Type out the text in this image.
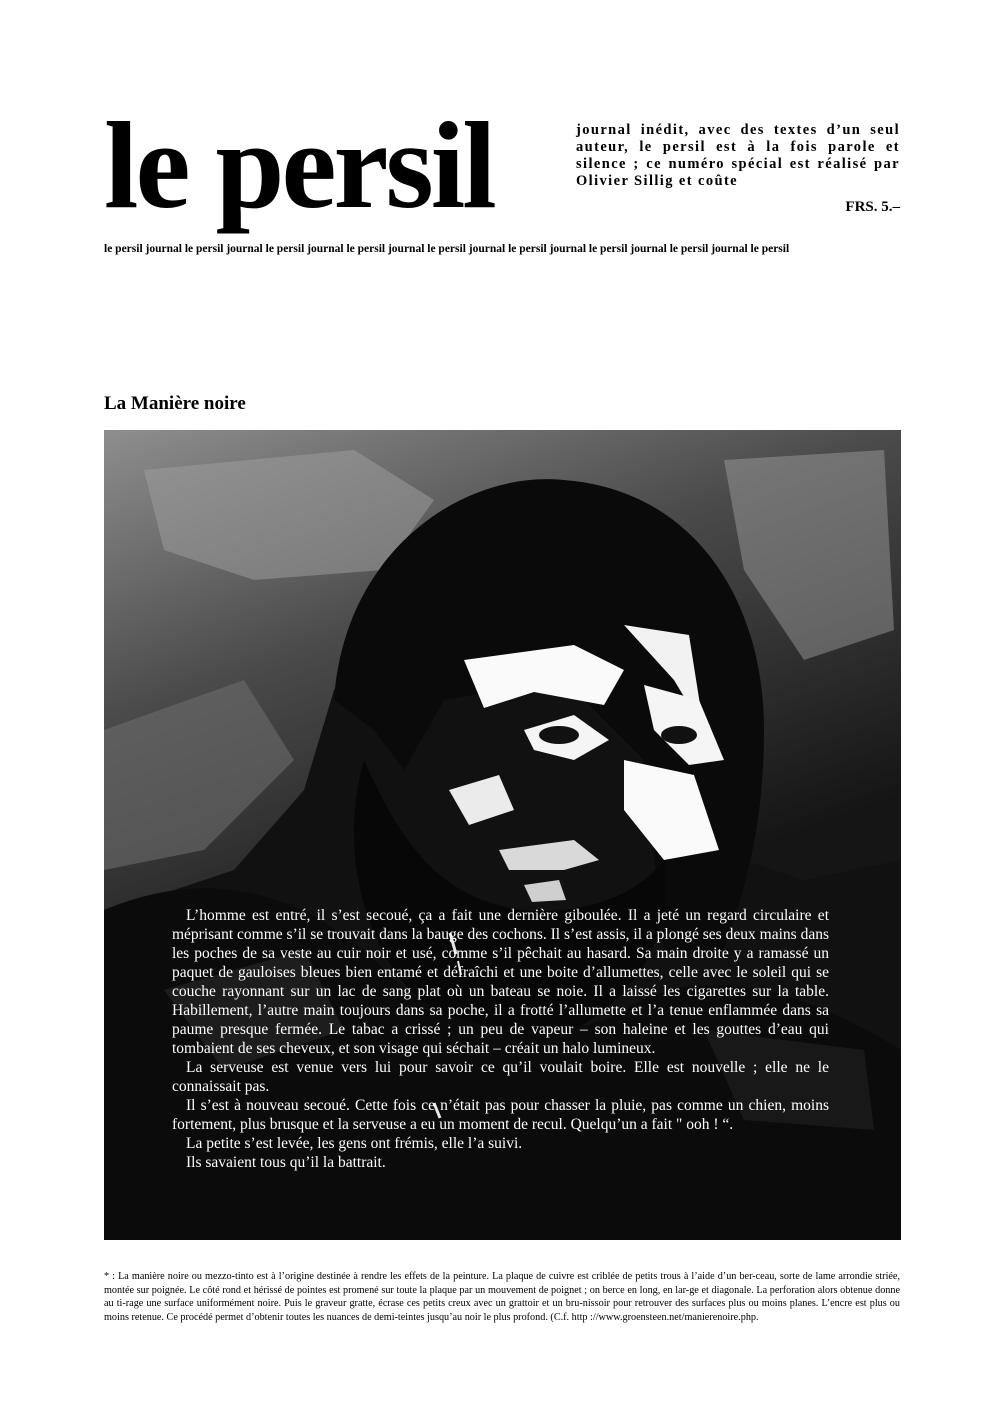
le persil	journal inédit, avec des textes d’un seul auteur, le persil est à la fois parole et silence ; ce numéro spécial est réalisé par Olivier Sillig et coûte
FRS. 5.–
le persil journal le persil journal le persil journal le persil journal le persil journal le persil journal le persil journal le persil journal le persil
La Manière noire

L’homme est entré, il s’est secoué, ça a fait une dernière giboulée. Il a jeté un regard circulaire et méprisant comme s’il se trouvait dans la bauge des cochons. Il s’est assis, il a plongé ses deux mains dans les poches de sa veste au cuir noir et usé, comme s’il pêchait au hasard. Sa main droite y a ramassé un paquet de gauloises bleues bien entamé et défraîchi et une boite d’allumettes, celle avec le soleil qui se couche rayonnant sur un lac de sang plat où un bateau se noie. Il a laissé les cigarettes sur la table. Habillement, l’autre main toujours dans sa poche, il a frotté l’allumette et l’a tenue enflammée dans sa paume presque fermée. Le tabac a crissé ; un peu de vapeur – son haleine et les gouttes d’eau qui tombaient de ses cheveux, et son visage qui séchait – créait un halo lumineux.

La serveuse est venue vers lui pour savoir ce qu’il voulait boire. Elle est nouvelle ; elle ne le connaissait pas.

Il s’est à nouveau secoué. Cette fois ce n’était pas pour chasser la pluie, pas comme un chien, moins fortement, plus brusque et la serveuse a eu un moment de recul. Quelqu’un a fait " ooh ! “.

La petite s’est levée, les gens ont frémis, elle l’a suivi.

Ils savaient tous qu’il la battrait.

* : La manière noire ou mezzo-tinto est à l’origine destinée à rendre les effets de la peinture. La plaque de cuivre est criblée de petits trous à l’aide d’un ber-ceau, sorte de lame arrondie striée, montée sur poignée. Le côté rond et hérissé de pointes est promené sur toute la plaque par un mouvement de poignet ; on berce en long, en lar-ge et diagonale. La perforation alors obtenue donne au ti-rage une surface uniformément noire. Puis le graveur gratte, écrase ces petits creux avec un grattoir et un bru-nissoir pour retrouver des surfaces plus ou moins planes. L’encre est plus ou moins retenue. Ce procédé permet d’obtenir toutes les nuances de demi-teintes jusqu’au noir le plus profond. (C.f. http ://www.groensteen.net/manierenoire.php.
